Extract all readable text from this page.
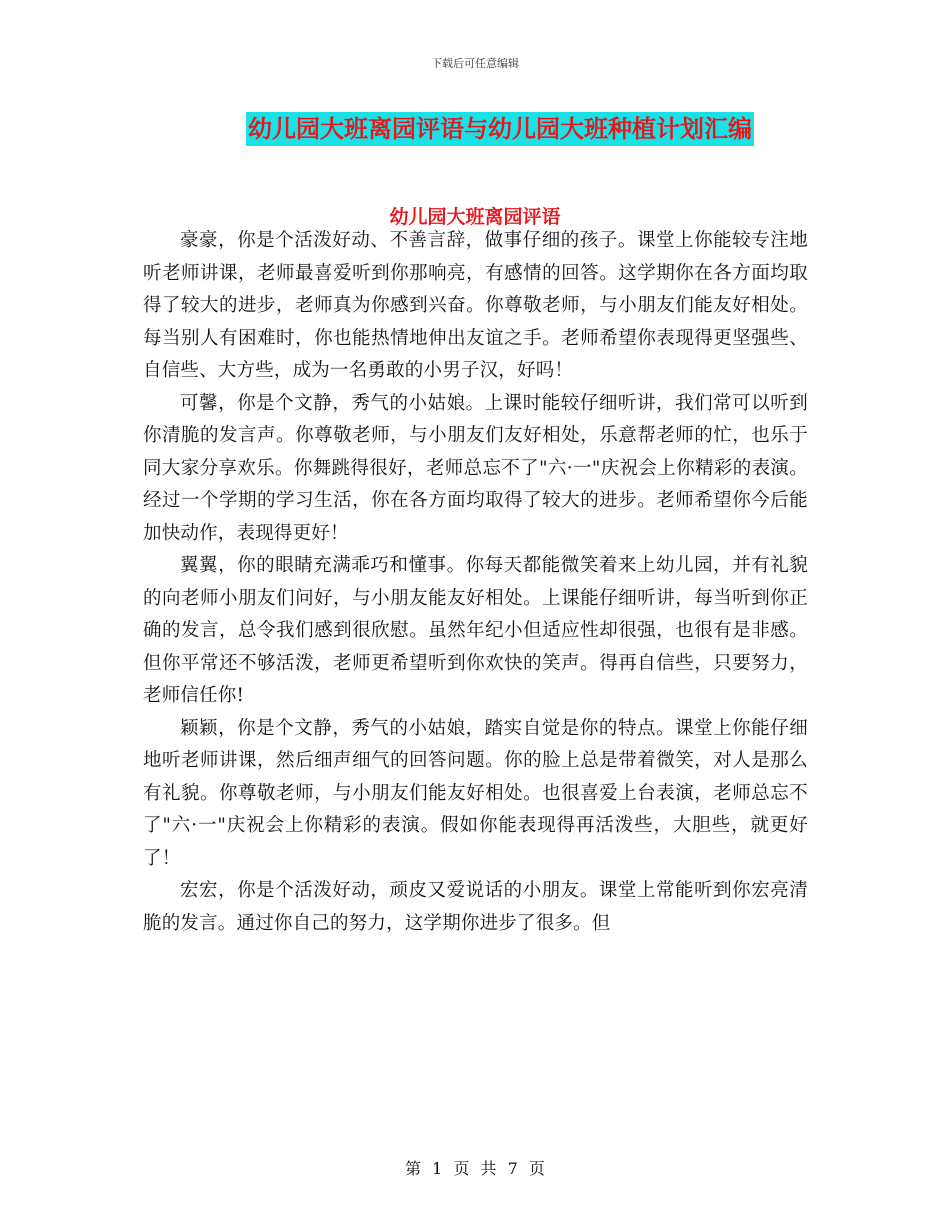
下载后可任意编辑
幼儿园大班离园评语与幼儿园大班种植计划汇编
幼儿园大班离园评语

豪豪，你是个活泼好动、不善言辞，做事仔细的孩子。课堂上你能较专注地听老师讲课，老师最喜爱听到你那响亮，有感情的回答。这学期你在各方面均取得了较大的进步，老师真为你感到兴奋。你尊敬老师，与小朋友们能友好相处。每当别人有困难时，你也能热情地伸出友谊之手。老师希望你表现得更坚强些、自信些、大方些，成为一名勇敢的小男子汉，好吗！

可馨，你是个文静，秀气的小姑娘。上课时能较仔细听讲，我们常可以听到你清脆的发言声。你尊敬老师，与小朋友们友好相处，乐意帮老师的忙，也乐于同大家分享欢乐。你舞跳得很好，老师总忘不了"六·一"庆祝会上你精彩的表演。经过一个学期的学习生活，你在各方面均取得了较大的进步。老师希望你今后能加快动作，表现得更好！

翼翼，你的眼睛充满乖巧和懂事。你每天都能微笑着来上幼儿园，并有礼貌的向老师小朋友们问好，与小朋友能友好相处。上课能仔细听讲，每当听到你正确的发言，总令我们感到很欣慰。虽然年纪小但适应性却很强，也很有是非感。但你平常还不够活泼，老师更希望听到你欢快的笑声。得再自信些，只要努力，老师信任你!

颖颖，你是个文静，秀气的小姑娘，踏实自觉是你的特点。课堂上你能仔细地听老师讲课，然后细声细气的回答问题。你的脸上总是带着微笑，对人是那么有礼貌。你尊敬老师，与小朋友们能友好相处。也很喜爱上台表演，老师总忘不了"六·一"庆祝会上你精彩的表演。假如你能表现得再活泼些，大胆些，就更好了！

宏宏，你是个活泼好动，顽皮又爱说话的小朋友。课堂上常能听到你宏亮清脆的发言。通过你自己的努力，这学期你进步了很多。但

第 1 页 共 7 页
